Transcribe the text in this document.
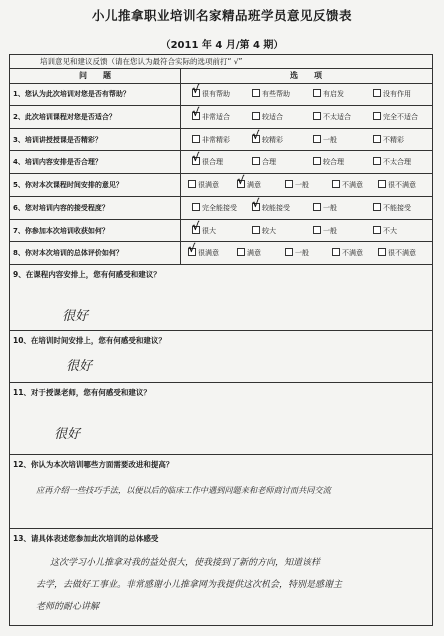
小儿推拿职业培训名家精品班学员意见反馈表
（2011 年 4 月/第 4 期）
培训意见和建议反馈（请在您认为最符合实际的选项前打“ √”
问　　题	选　　项
1、您认为此次培训对您是否有帮助？	√ 很有帮助	有些帮助	有启发	没有作用
2、此次培训课程对您是否适合？	√ 非常适合	较适合	不太适合	完全不适合
3、培训讲授授课是否精彩？	非常精彩 √ 较精彩	一般	不精彩
4、培训内容安排是否合理？	√ 很合理	合理	较合理	不太合理
5、你对本次课程时间安排的意见？	很满意 √ 满意	一般	不满意	很不满意
6、您对培训内容的接受程度？	完全能接受 √ 较能接受	一般	不能接受
7、你参加本次培训收获如何？	√ 很大	较大	一般	不大
8、你对本次培训的总体评价如何？	√ 很满意	满意	一般	不满意	很不满意
9、在课程内容安排上，您有何感受和建议？
很好
10、在培训时间安排上，您有何感受和建议？
很好
11、对于授课老师，您有何感受和建议？
很好
12、你认为本次培训哪些方面需要改进和提高？
应再介绍一些技巧手法，以便以后的临床工作中遇到问题来和老师商讨而共同交流
13、请具体表述您参加此次培训的总体感受
这次学习小儿推拿对我的益处很大，使我接到了新的方向，知道该样
去学，去做好工事业。非常感谢小儿推拿网为我提供这次机会，特别是感谢主
老师的耐心讲解
